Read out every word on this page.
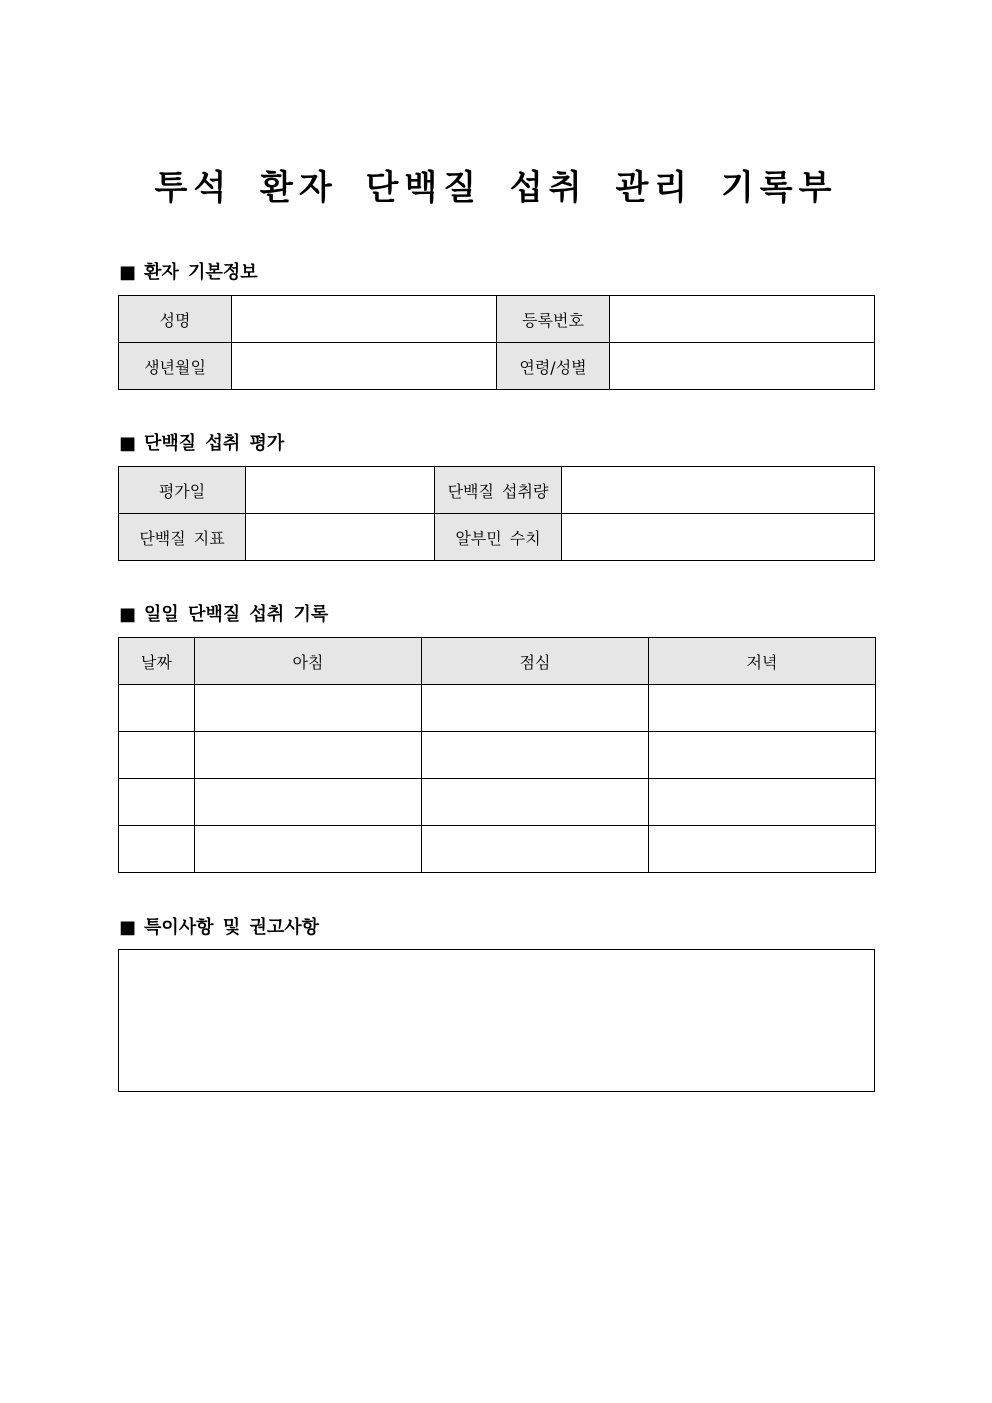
투석 환자 단백질 섭취 관리 기록부
■ 환자 기본정보
성명		등록번호	
생년월일		연령/성별	
■ 단백질 섭취 평가
평가일		단백질 섭취량	
단백질 지표		알부민 수치	
■ 일일 단백질 섭취 기록
날짜	아침	점심	저녁

■ 특이사항 및 권고사항
